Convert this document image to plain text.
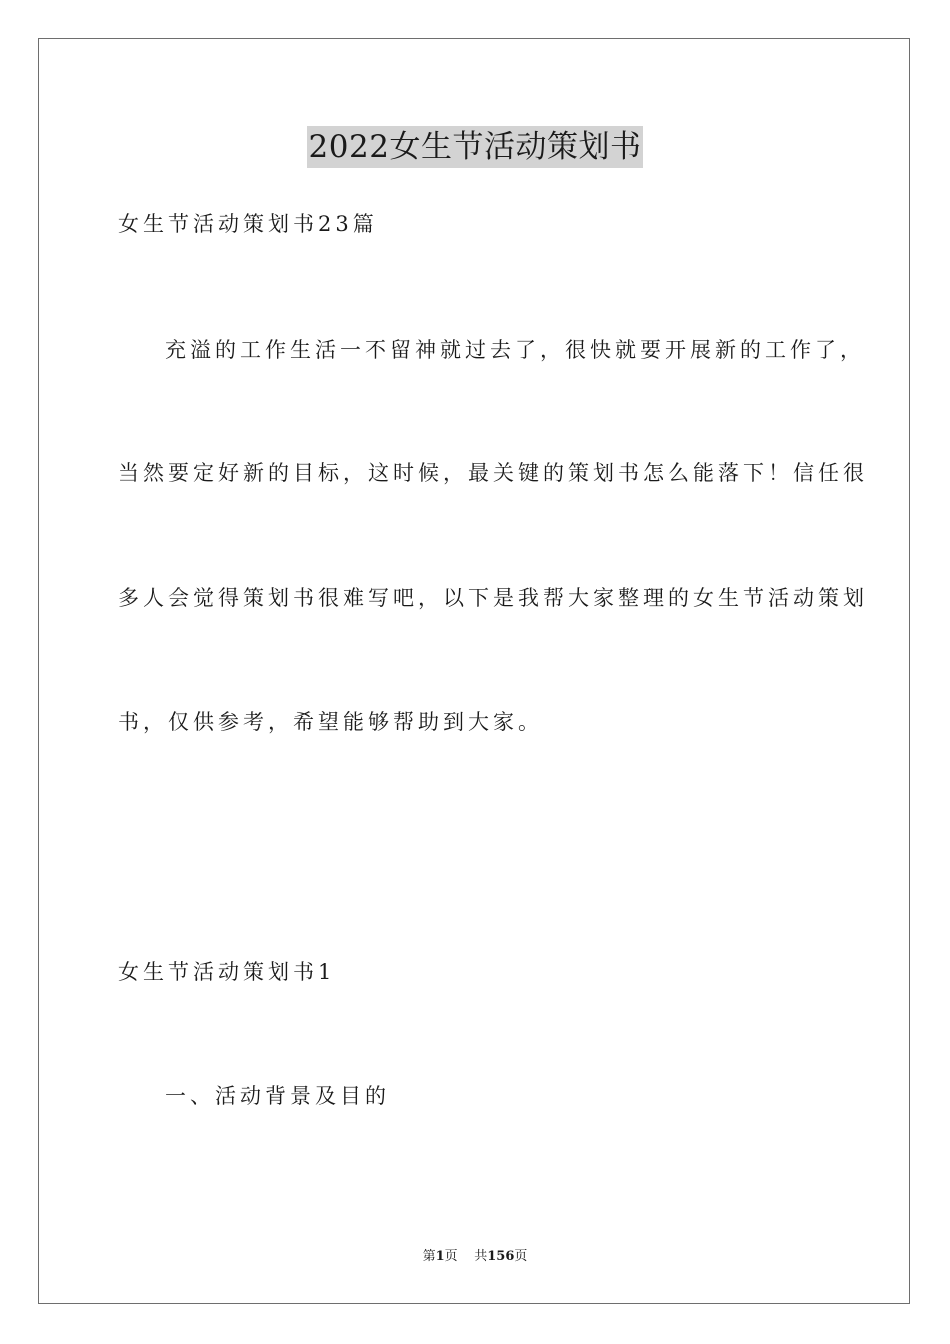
2022女生节活动策划书

女生节活动策划书23篇

充溢的工作生活一不留神就过去了，很快就要开展新的工作了，

当然要定好新的目标，这时候，最关键的策划书怎么能落下！信任很

多人会觉得策划书很难写吧，以下是我帮大家整理的女生节活动策划

书，仅供参考，希望能够帮助到大家。

女生节活动策划书1

一、活动背景及目的

第1页 共156页
